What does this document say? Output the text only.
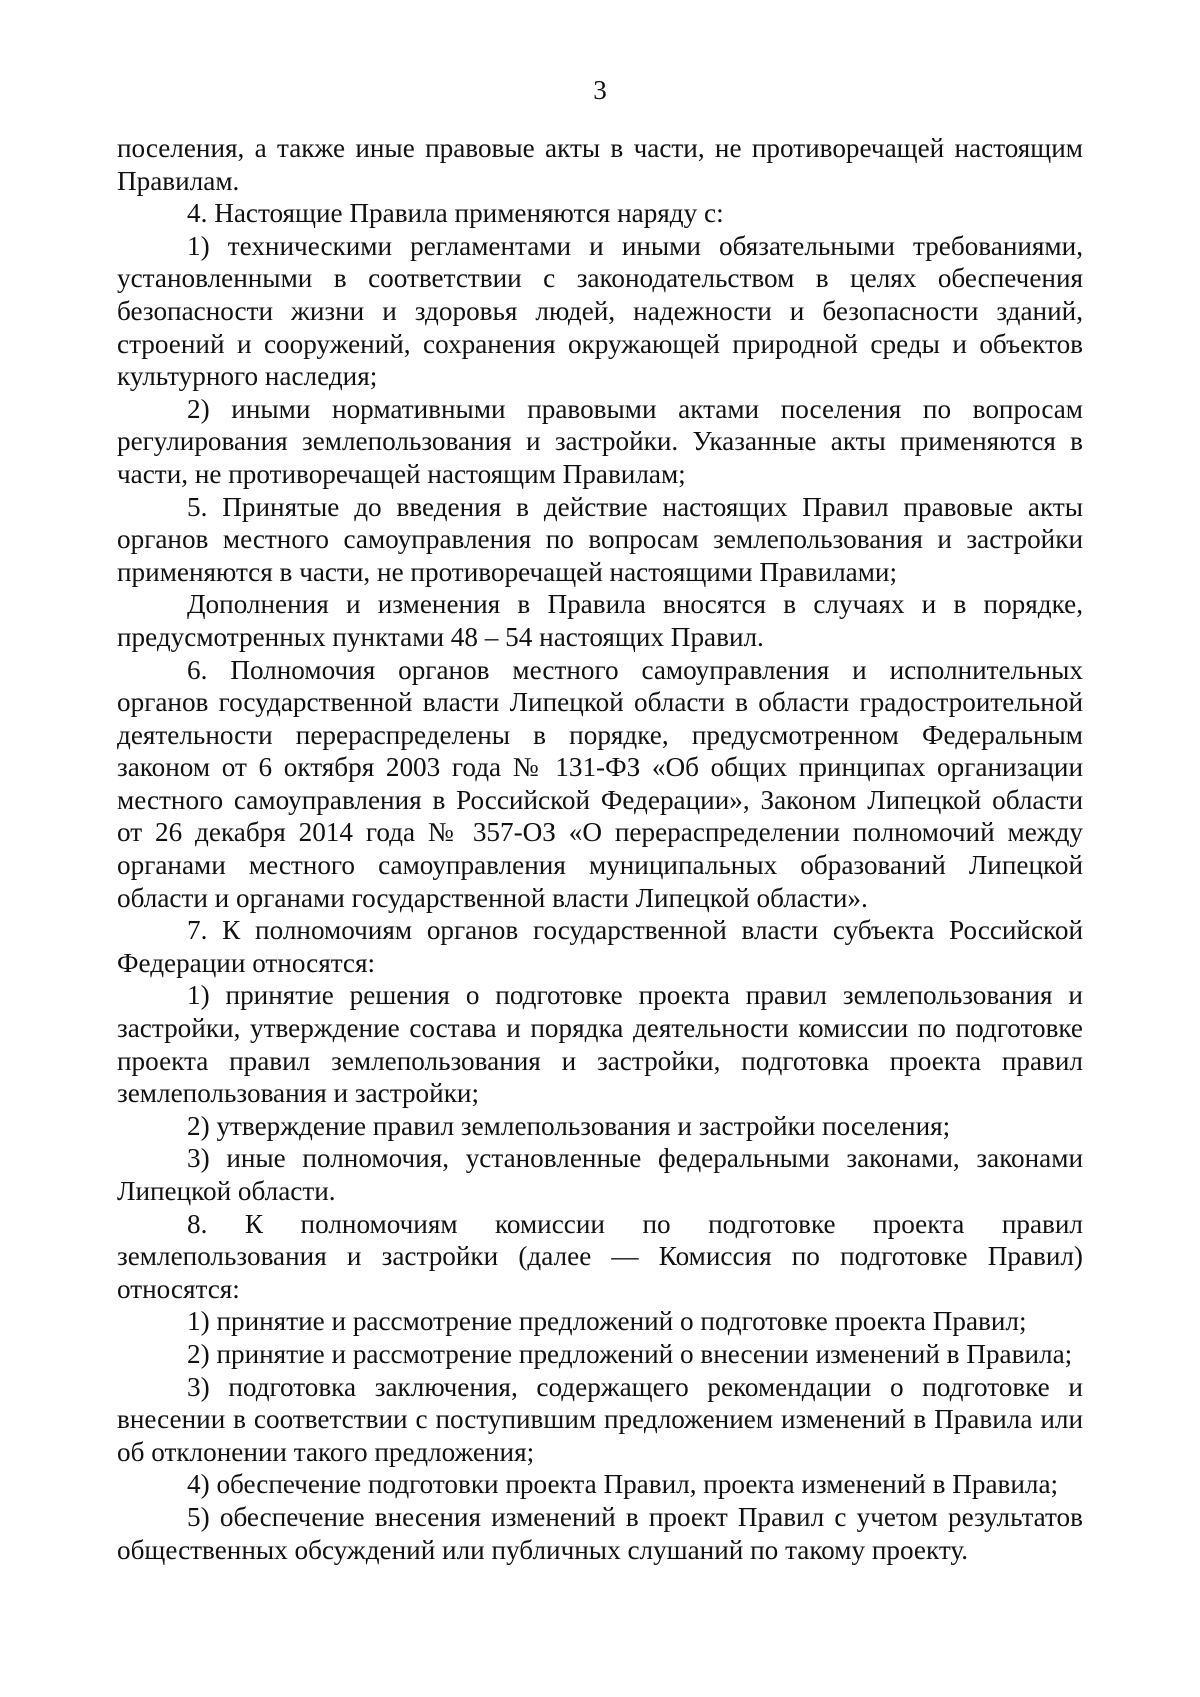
3

поселения, а также иные правовые акты в части, не противоречащей настоящим Правилам.

4. Настоящие Правила применяются наряду с:

1) техническими регламентами и иными обязательными требованиями, установленными в соответствии с законодательством в целях обеспечения безопасности жизни и здоровья людей, надежности и безопасности зданий, строений и сооружений, сохранения окружающей природной среды и объектов культурного наследия;

2) иными нормативными правовыми актами поселения по вопросам регулирования землепользования и застройки. Указанные акты применяются в части, не противоречащей настоящим Правилам;

5. Принятые до введения в действие настоящих Правил правовые акты органов местного самоуправления по вопросам землепользования и застройки применяются в части, не противоречащей настоящими Правилами;

Дополнения и изменения в Правила вносятся в случаях и в порядке, предусмотренных пунктами 48 – 54 настоящих Правил.

6. Полномочия органов местного самоуправления и исполнительных органов государственной власти Липецкой области в области градостроительной деятельности перераспределены в порядке, предусмотренном Федеральным законом от 6 октября 2003 года № 131-ФЗ «Об общих принципах организации местного самоуправления в Российской Федерации», Законом Липецкой области от 26 декабря 2014 года № 357-ОЗ «О перераспределении полномочий между органами местного самоуправления муниципальных образований Липецкой области и органами государственной власти Липецкой области».

7. К полномочиям органов государственной власти субъекта Российской Федерации относятся:

1) принятие решения о подготовке проекта правил землепользования и застройки, утверждение состава и порядка деятельности комиссии по подготовке проекта правил землепользования и застройки, подготовка проекта правил землепользования и застройки;

2) утверждение правил землепользования и застройки поселения;

3) иные полномочия, установленные федеральными законами, законами Липецкой области.

8. К полномочиям комиссии по подготовке проекта правил землепользования и застройки (далее — Комиссия по подготовке Правил) относятся:

1) принятие и рассмотрение предложений о подготовке проекта Правил;

2) принятие и рассмотрение предложений о внесении изменений в Правила;

3) подготовка заключения, содержащего рекомендации о подготовке и внесении в соответствии с поступившим предложением изменений в Правила или об отклонении такого предложения;

4) обеспечение подготовки проекта Правил, проекта изменений в Правила;

5) обеспечение внесения изменений в проект Правил с учетом результатов общественных обсуждений или публичных слушаний по такому проекту.
